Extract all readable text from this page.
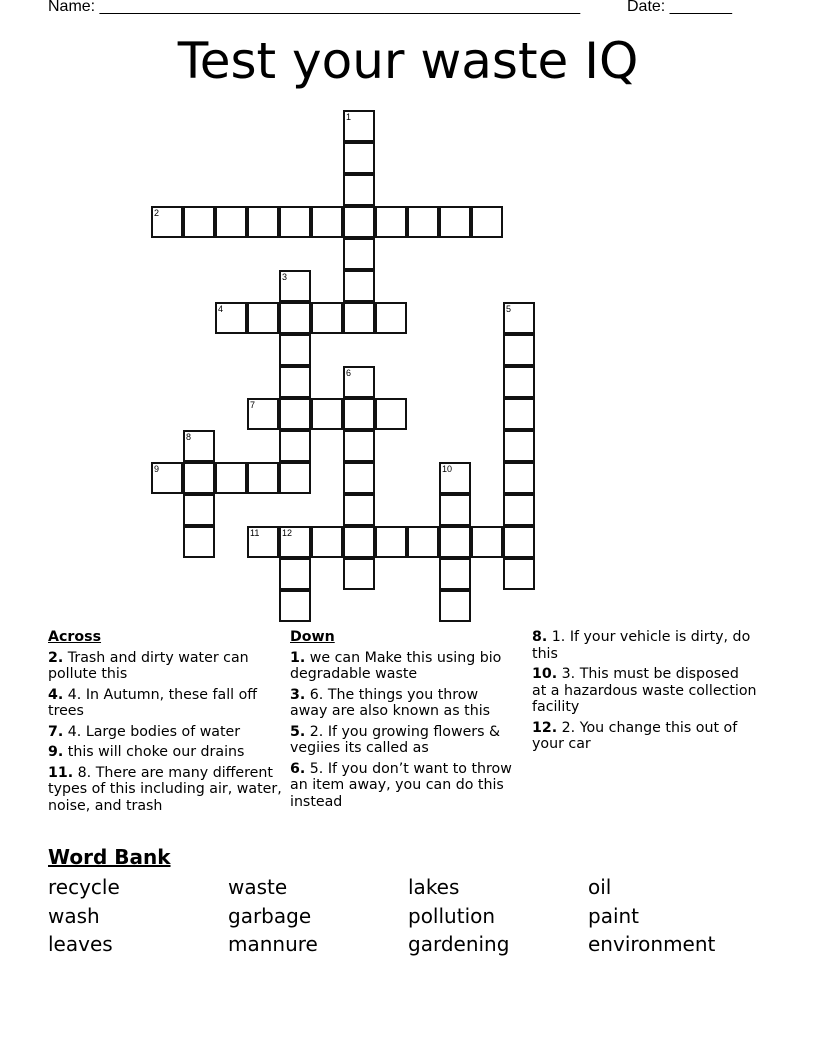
Name: ______________________________________________________	Date: _______
Test your waste IQ
1
2
3
4	5
6
7
8
9	10
11	12
Across
2. Trash and dirty water can pollute this
4. 4. In Autumn, these fall off trees
7. 4. Large bodies of water
9. this will choke our drains
11. 8. There are many different types of this including air, water, noise, and trash
Down
1. we can Make this using bio degradable waste
3. 6. The things you throw away are also known as this
5. 2. If you growing flowers & vegiies its called as
6. 5. If you don’t want to throw an item away, you can do this instead
8. 1. If your vehicle is dirty, do this
10. 3. This must be disposed at a hazardous waste collection facility
12. 2. You change this out of your car
Word Bank
recycle	waste	lakes	oil
wash	garbage	pollution	paint
leaves	mannure	gardening	environment
